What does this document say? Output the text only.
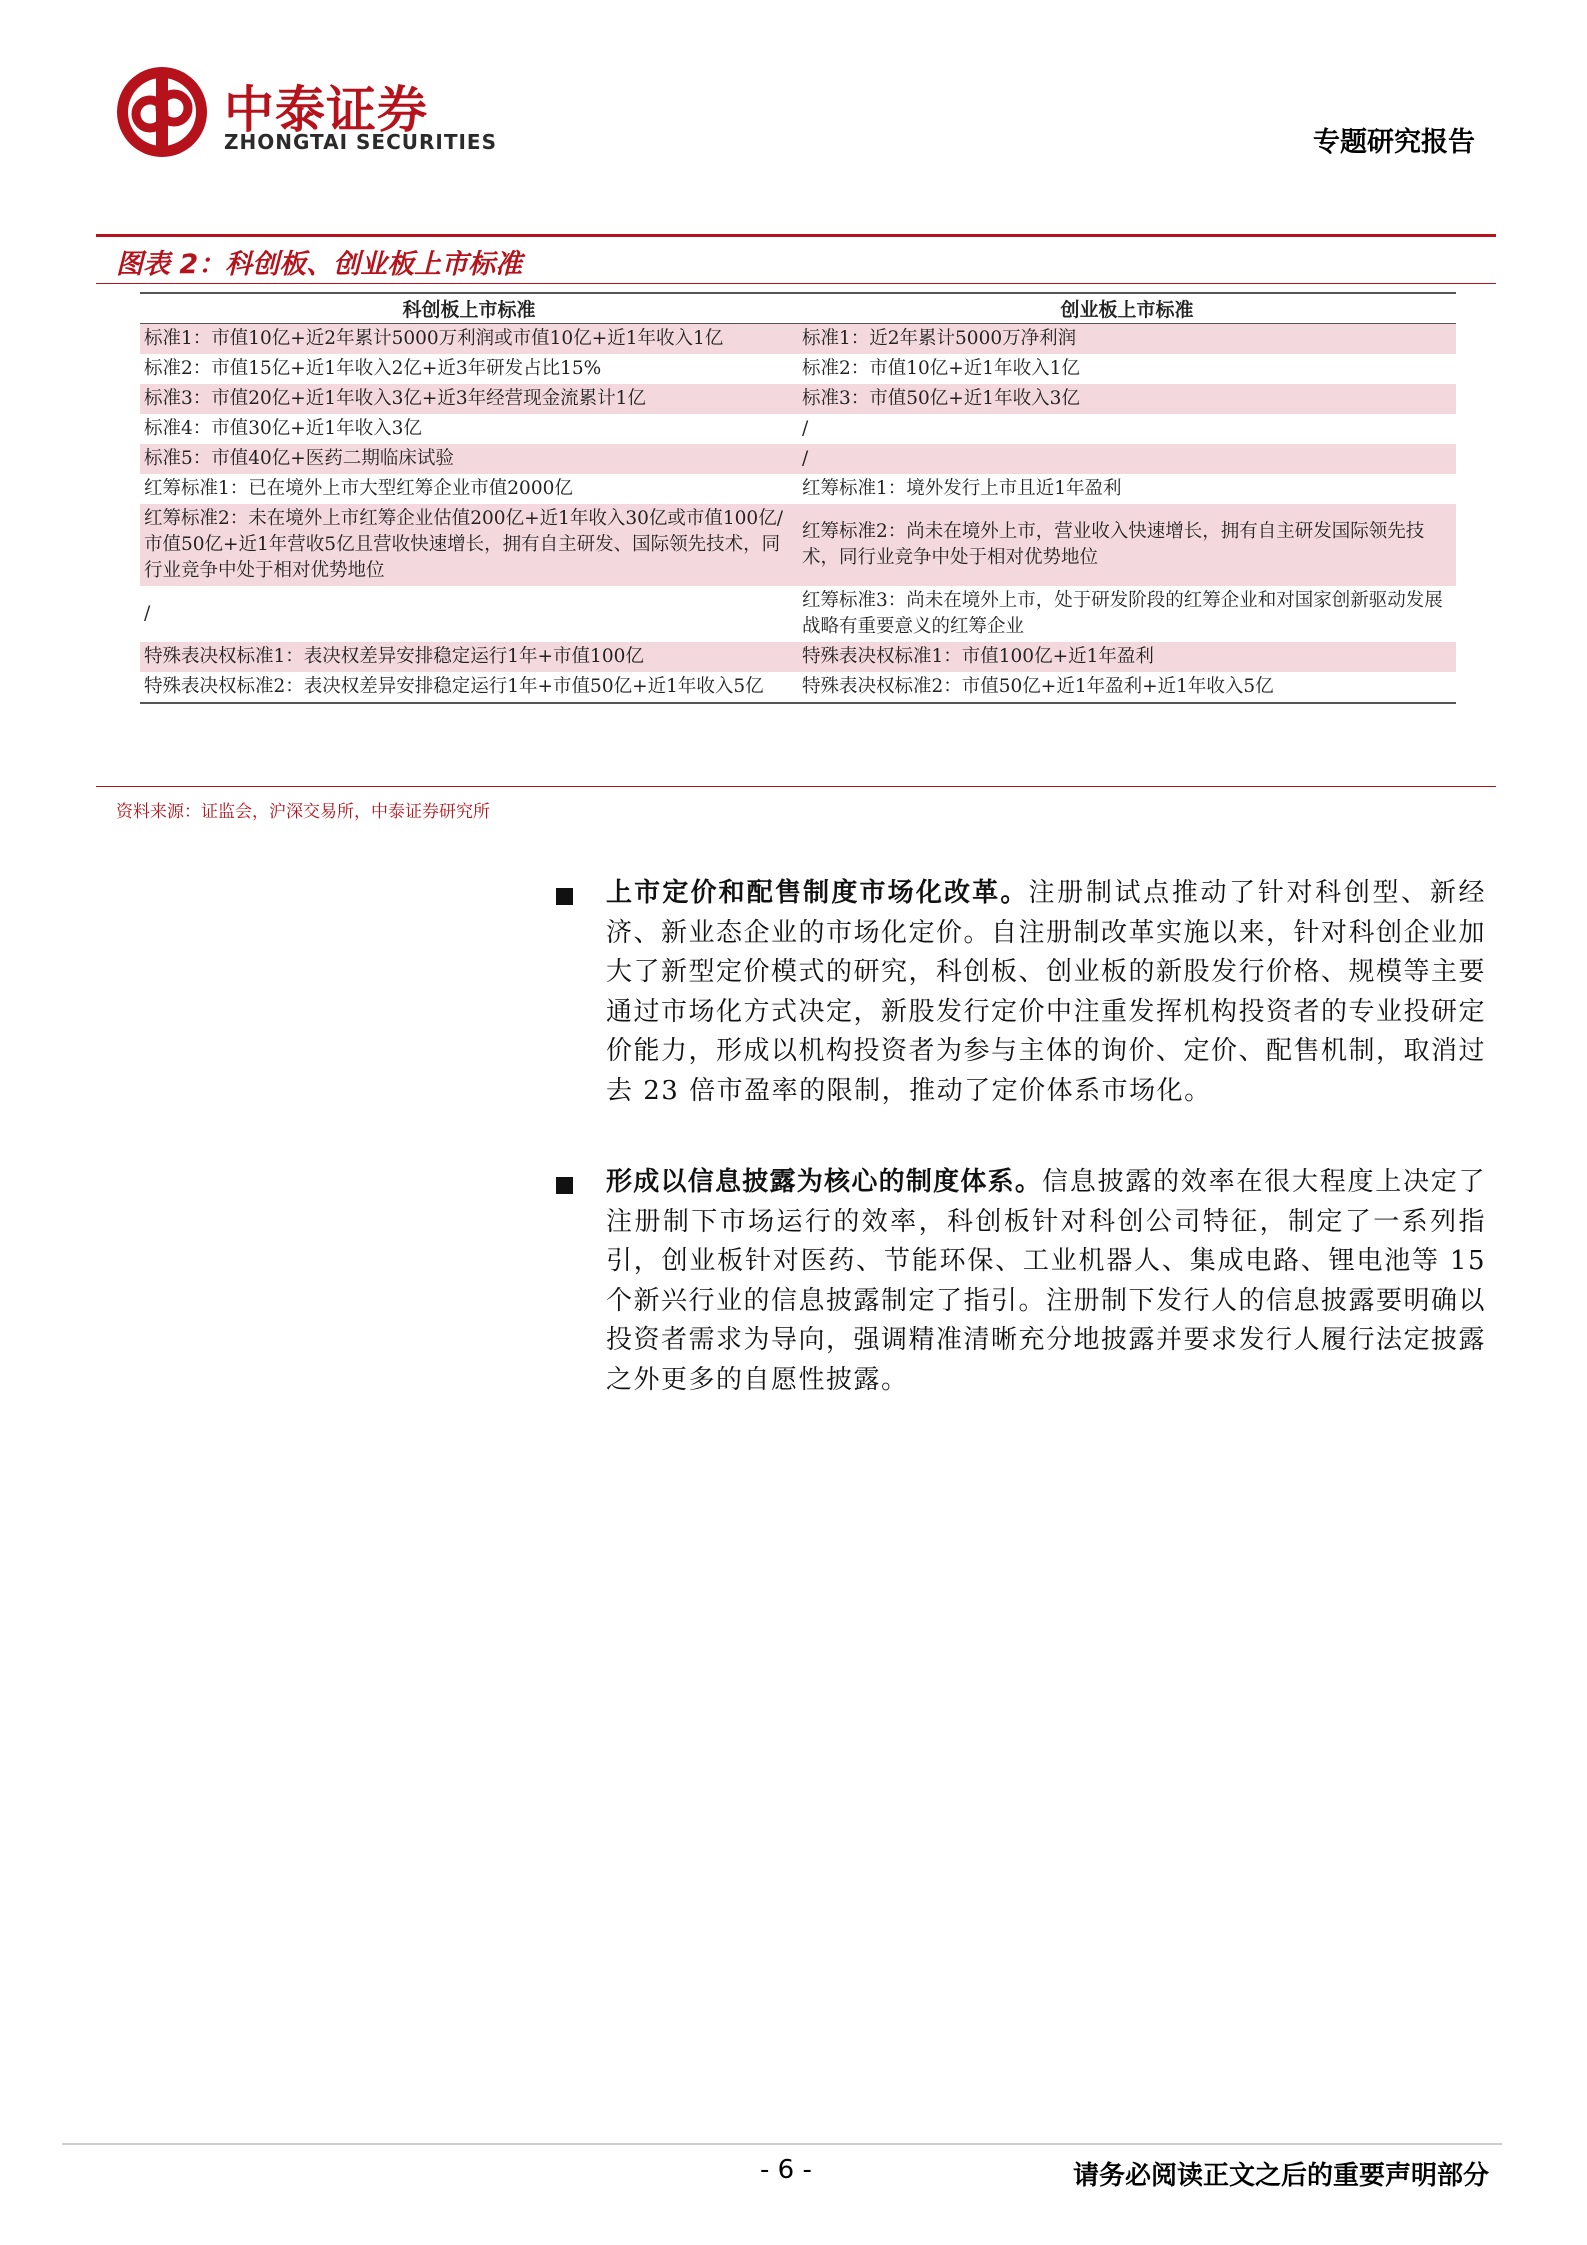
中泰证券
ZHONGTAI SECURITIES	专题研究报告
图表 2：科创板、创业板上市标准
科创板上市标准	创业板上市标准
标准1：市值10亿+近2年累计5000万利润或市值10亿+近1年收入1亿	标准1：近2年累计5000万净利润
标准2：市值15亿+近1年收入2亿+近3年研发占比15%	标准2：市值10亿+近1年收入1亿
标准3：市值20亿+近1年收入3亿+近3年经营现金流累计1亿	标准3：市值50亿+近1年收入3亿
标准4：市值30亿+近1年收入3亿	/
标准5：市值40亿+医药二期临床试验	/
红筹标准1：已在境外上市大型红筹企业市值2000亿	红筹标准1：境外发行上市且近1年盈利
红筹标准2：未在境外上市红筹企业估值200亿+近1年收入30亿或市值100亿/市值50亿+近1年营收5亿且营收快速增长，拥有自主研发、国际领先技术，同行业竞争中处于相对优势地位	红筹标准2：尚未在境外上市，营业收入快速增长，拥有自主研发国际领先技术，同行业竞争中处于相对优势地位
/	红筹标准3：尚未在境外上市，处于研发阶段的红筹企业和对国家创新驱动发展战略有重要意义的红筹企业
特殊表决权标准1：表决权差异安排稳定运行1年+市值100亿	特殊表决权标准1：市值100亿+近1年盈利
特殊表决权标准2：表决权差异安排稳定运行1年+市值50亿+近1年收入5亿	特殊表决权标准2：市值50亿+近1年盈利+近1年收入5亿
资料来源：证监会，沪深交易所，中泰证券研究所

上市定价和配售制度市场化改革。注册制试点推动了针对科创型、新经济、新业态企业的市场化定价。自注册制改革实施以来，针对科创企业加大了新型定价模式的研究，科创板、创业板的新股发行价格、规模等主要通过市场化方式决定，新股发行定价中注重发挥机构投资者的专业投研定价能力，形成以机构投资者为参与主体的询价、定价、配售机制，取消过去 23 倍市盈率的限制，推动了定价体系市场化。

形成以信息披露为核心的制度体系。信息披露的效率在很大程度上决定了注册制下市场运行的效率，科创板针对科创公司特征，制定了一系列指引，创业板针对医药、节能环保、工业机器人、集成电路、锂电池等 15 个新兴行业的信息披露制定了指引。注册制下发行人的信息披露要明确以投资者需求为导向，强调精准清晰充分地披露并要求发行人履行法定披露之外更多的自愿性披露。

- 6 -	请务必阅读正文之后的重要声明部分
